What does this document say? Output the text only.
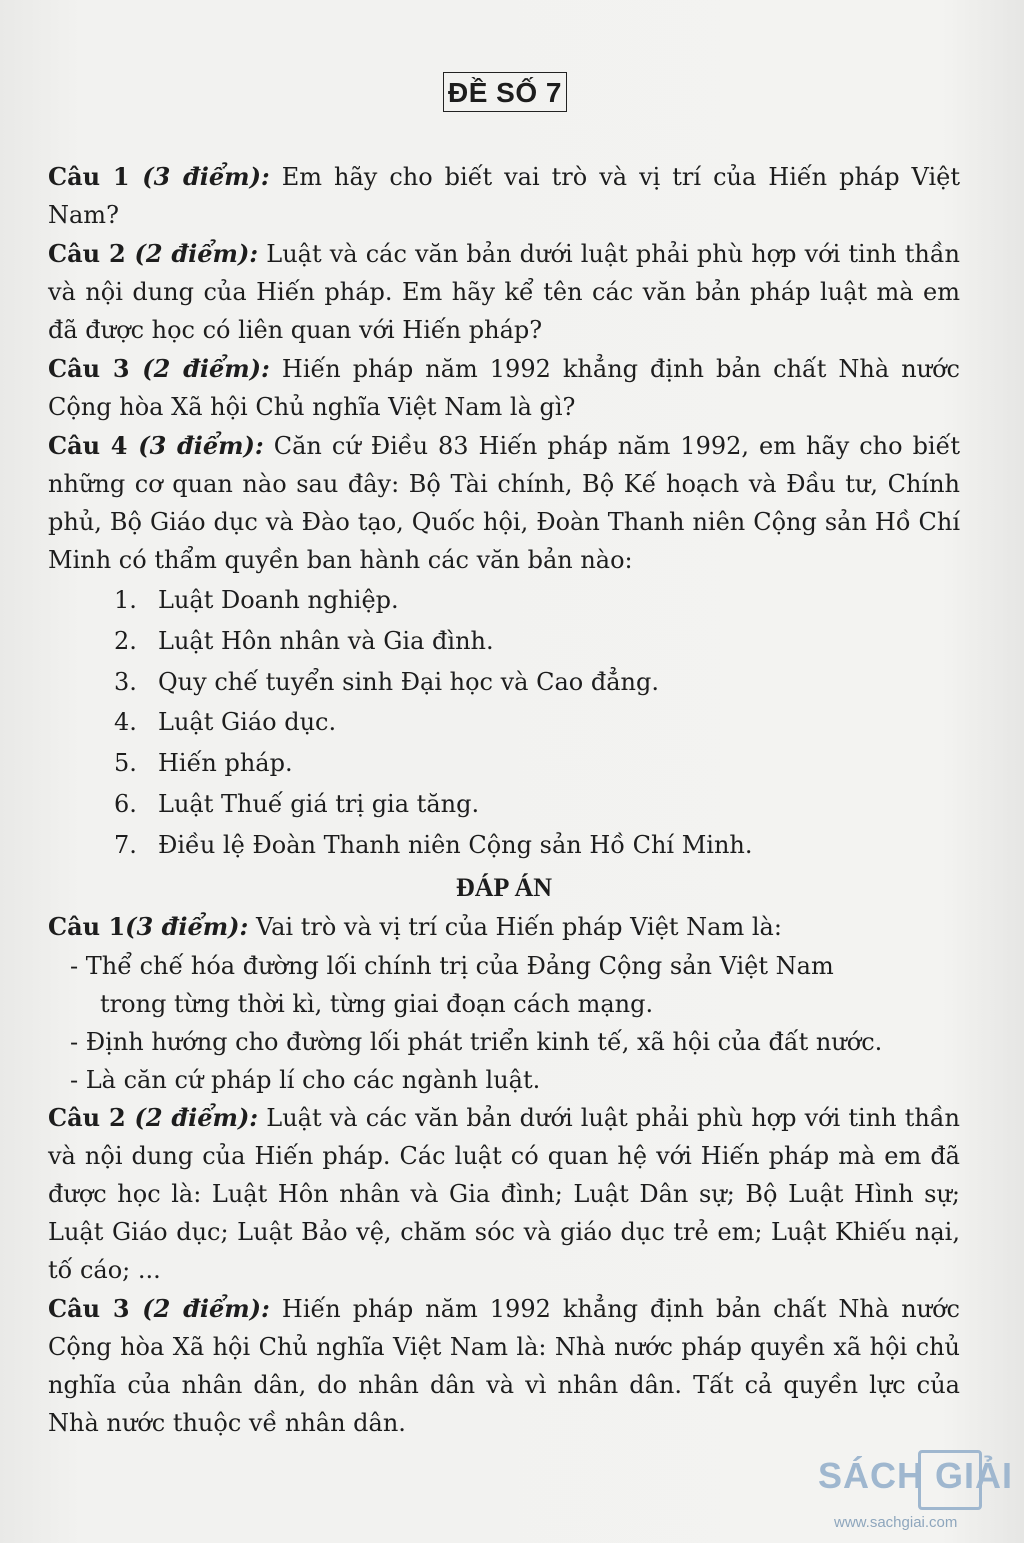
ĐỀ SỐ 7

Câu 1 (3 điểm): Em hãy cho biết vai trò và vị trí của Hiến pháp Việt Nam?

Câu 2 (2 điểm): Luật và các văn bản dưới luật phải phù hợp với tinh thần và nội dung của Hiến pháp. Em hãy kể tên các văn bản pháp luật mà em đã được học có liên quan với Hiến pháp?

Câu 3 (2 điểm): Hiến pháp năm 1992 khẳng định bản chất Nhà nước Cộng hòa Xã hội Chủ nghĩa Việt Nam là gì?

Câu 4 (3 điểm): Căn cứ Điều 83 Hiến pháp năm 1992, em hãy cho biết những cơ quan nào sau đây: Bộ Tài chính, Bộ Kế hoạch và Đầu tư, Chính phủ, Bộ Giáo dục và Đào tạo, Quốc hội, Đoàn Thanh niên Cộng sản Hồ Chí Minh có thẩm quyền ban hành các văn bản nào:

1. Luật Doanh nghiệp.
2. Luật Hôn nhân và Gia đình.
3. Quy chế tuyển sinh Đại học và Cao đẳng.
4. Luật Giáo dục.
5. Hiến pháp.
6. Luật Thuế giá trị gia tăng.
7. Điều lệ Đoàn Thanh niên Cộng sản Hồ Chí Minh.
ĐÁP ÁN

Câu 1(3 điểm): Vai trò và vị trí của Hiến pháp Việt Nam là:

- Thể chế hóa đường lối chính trị của Đảng Cộng sản Việt Nam
trong từng thời kì, từng giai đoạn cách mạng.
- Định hướng cho đường lối phát triển kinh tế, xã hội của đất nước.
- Là căn cứ pháp lí cho các ngành luật.

Câu 2 (2 điểm): Luật và các văn bản dưới luật phải phù hợp với tinh thần và nội dung của Hiến pháp. Các luật có quan hệ với Hiến pháp mà em đã được học là: Luật Hôn nhân và Gia đình; Luật Dân sự; Bộ Luật Hình sự; Luật Giáo dục; Luật Bảo vệ, chăm sóc và giáo dục trẻ em; Luật Khiếu nại, tố cáo; ...

Câu 3 (2 điểm): Hiến pháp năm 1992 khẳng định bản chất Nhà nước Cộng hòa Xã hội Chủ nghĩa Việt Nam là: Nhà nước pháp quyền xã hội chủ nghĩa của nhân dân, do nhân dân và vì nhân dân. Tất cả quyền lực của Nhà nước thuộc về nhân dân.

SÁCH GIẢI
www.sachgiai.com
